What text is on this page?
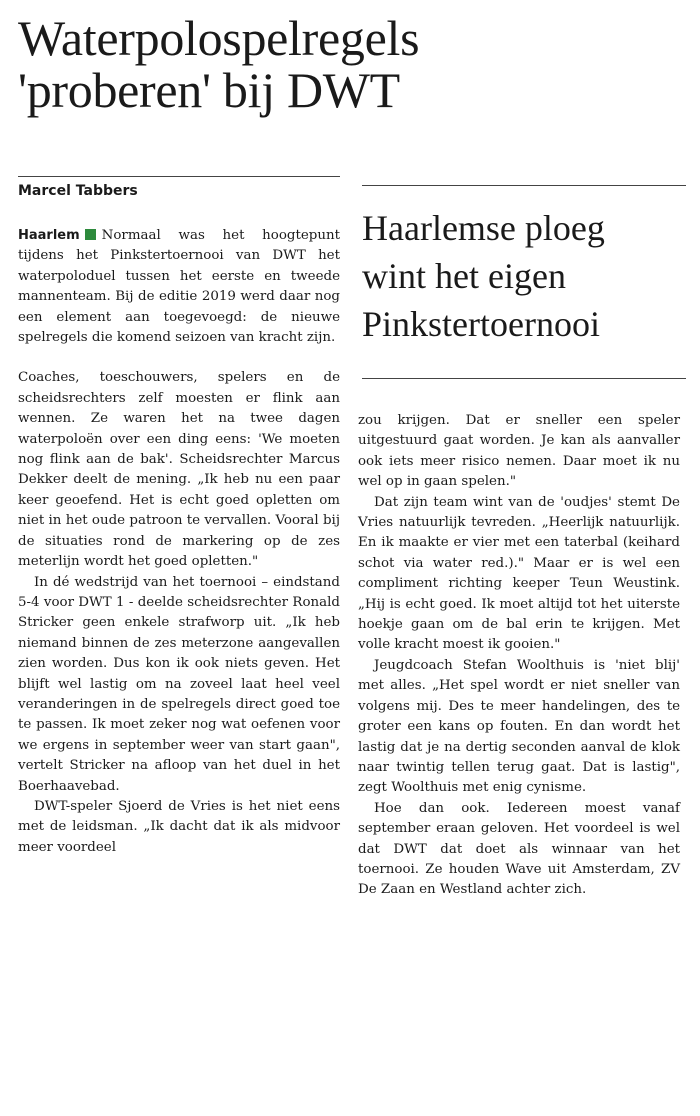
Waterpolospelregels
'proberen' bij DWT
Marcel Tabbers

Haarlem Normaal was het hoogtepunt tijdens het Pinkstertoernooi van DWT het waterpoloduel tussen het eerste en tweede mannenteam. Bij de editie 2019 werd daar nog een element aan toegevoegd: de nieuwe spelregels die komend seizoen van kracht zijn.

Coaches, toeschouwers, spelers en de scheidsrechters zelf moesten er flink aan wennen. Ze waren het na twee dagen waterpoloën over een ding eens: 'We moeten nog flink aan de bak'. Scheidsrechter Marcus Dekker deelt de mening. „Ik heb nu een paar keer geoefend. Het is echt goed opletten om niet in het oude patroon te vervallen. Vooral bij de situaties rond de markering op de zes meterlijn wordt het goed opletten."

In dé wedstrijd van het toernooi – eindstand 5-4 voor DWT 1 - deelde scheidsrechter Ronald Stricker geen enkele strafworp uit. „Ik heb niemand binnen de zes meterzone aangevallen zien worden. Dus kon ik ook niets geven. Het blijft wel lastig om na zoveel laat heel veel veranderingen in de spelregels direct goed toe te passen. Ik moet zeker nog wat oefenen voor we ergens in september weer van start gaan", vertelt Stricker na afloop van het duel in het Boerhaavebad.

DWT-speler Sjoerd de Vries is het niet eens met de leidsman. „Ik dacht dat ik als midvoor meer voordeel

Haarlemse ploeg
wint het eigen
Pinkstertoernooi

zou krijgen. Dat er sneller een speler uitgestuurd gaat worden. Je kan als aanvaller ook iets meer risico nemen. Daar moet ik nu wel op in gaan spelen."

Dat zijn team wint van de 'oudjes' stemt De Vries natuurlijk tevreden. „Heerlijk natuurlijk. En ik maakte er vier met een taterbal (keihard schot via water red.)." Maar er is wel een compliment richting keeper Teun Weustink. „Hij is echt goed. Ik moet altijd tot het uiterste hoekje gaan om de bal erin te krijgen. Met volle kracht moest ik gooien."

Jeugdcoach Stefan Woolthuis is 'niet blij' met alles. „Het spel wordt er niet sneller van volgens mij. Des te meer handelingen, des te groter een kans op fouten. En dan wordt het lastig dat je na dertig seconden aanval de klok naar twintig tellen terug gaat. Dat is lastig", zegt Woolthuis met enig cynisme.

Hoe dan ook. Iedereen moest vanaf september eraan geloven. Het voordeel is wel dat DWT dat doet als winnaar van het toernooi. Ze houden Wave uit Amsterdam, ZV De Zaan en Westland achter zich.
